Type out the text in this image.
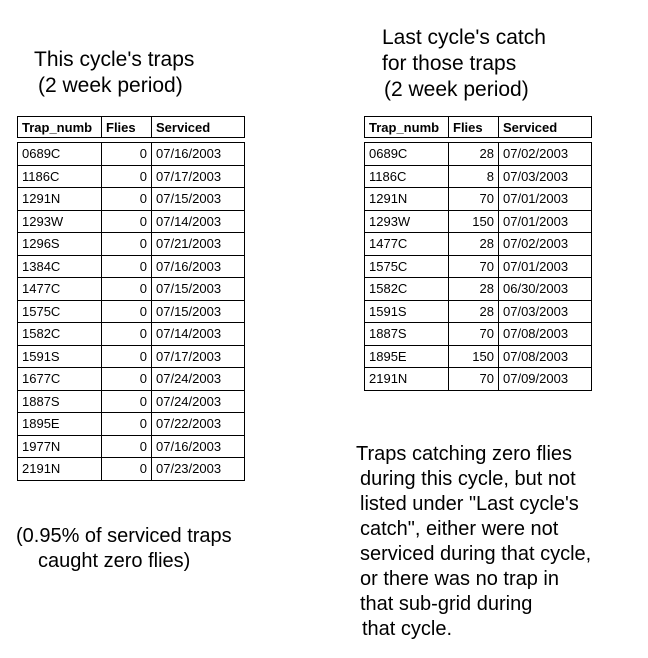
This cycle's traps
(2 week period)
Last cycle's catch
for those traps
(2 week period)
Trap_numb	Flies	Serviced
0689C	0 07/16/2003
1186C	0 07/17/2003
1291N	0 07/15/2003
1293W	0 07/14/2003
1296S	0 07/21/2003
1384C	0 07/16/2003
1477C	0 07/15/2003
1575C	0 07/15/2003
1582C	0 07/14/2003
1591S	0 07/17/2003
1677C	0 07/24/2003
1887S	0 07/24/2003
1895E	0 07/22/2003
1977N	0 07/16/2003
2191N	0 07/23/2003
Trap_numb	Flies	Serviced
0689C	28 07/02/2003
1186C	8 07/03/2003
1291N	70 07/01/2003
1293W	150 07/01/2003
1477C	28 07/02/2003
1575C	70 07/01/2003
1582C	28 06/30/2003
1591S	28 07/03/2003
1887S	70 07/08/2003
1895E	150 07/08/2003
2191N	70 07/09/2003
(0.95% of serviced traps
caught zero flies)
Traps catching zero flies
during this cycle, but not
listed under "Last cycle's
catch", either were not
serviced during that cycle,
or there was no trap in
that sub-grid during
that cycle.
